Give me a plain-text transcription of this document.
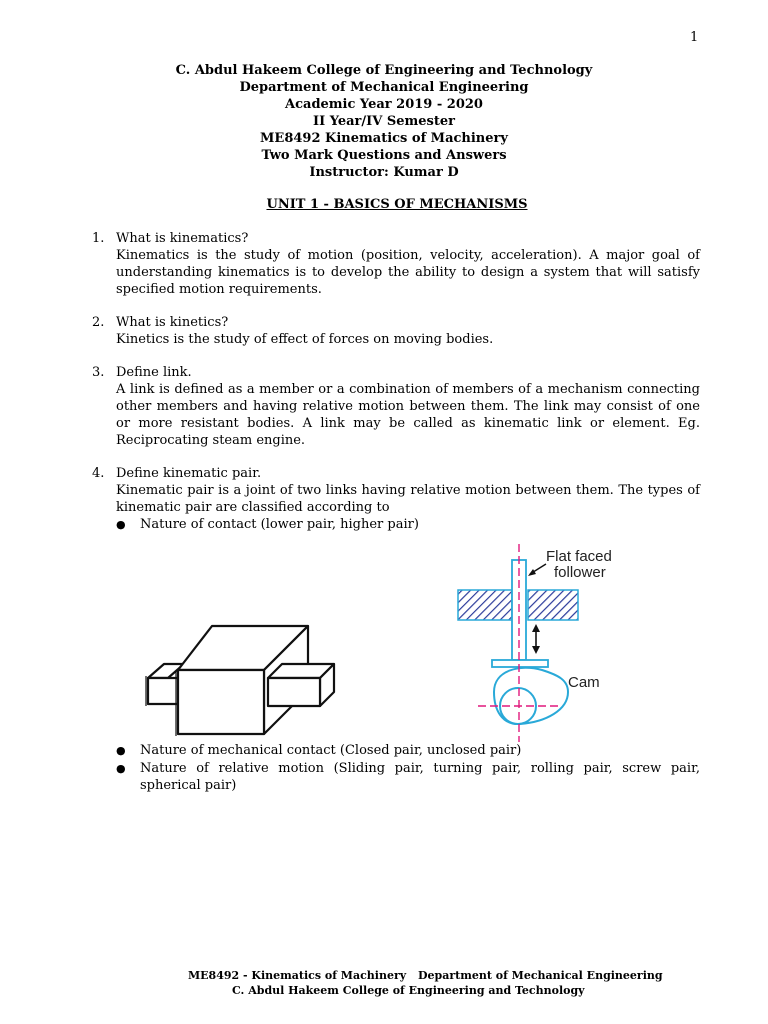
1
C. Abdul Hakeem College of Engineering and Technology
Department of Mechanical Engineering
Academic Year 2019 - 2020
II Year/IV Semester
ME8492 Kinematics of Machinery
Two Mark Questions and Answers
Instructor: Kumar D
UNIT 1 - BASICS OF MECHANISMS
1. What is kinematics?
Kinematics is the study of motion (position, velocity, acceleration). A major goal of understanding kinematics is to develop the ability to design a system that will satisfy specified motion requirements.
2. What is kinetics?
Kinetics is the study of effect of forces on moving bodies.
3. Define link.
A link is defined as a member or a combination of members of a mechanism connecting other members and having relative motion between them. The link may consist of one or more resistant bodies. A link may be called as kinematic link or element. Eg. Reciprocating steam engine.
4. Define kinematic pair.
Kinematic pair is a joint of two links having relative motion between them. The types of kinematic pair are classified according to
● Nature of contact (lower pair, higher pair)
Flat faced
follower
Cam
● Nature of mechanical contact (Closed pair, unclosed pair)
● Nature of relative motion (Sliding pair, turning pair, rolling pair, screw pair, spherical pair)
ME8492 - Kinematics of Machinery Department of Mechanical Engineering
C. Abdul Hakeem College of Engineering and Technology
